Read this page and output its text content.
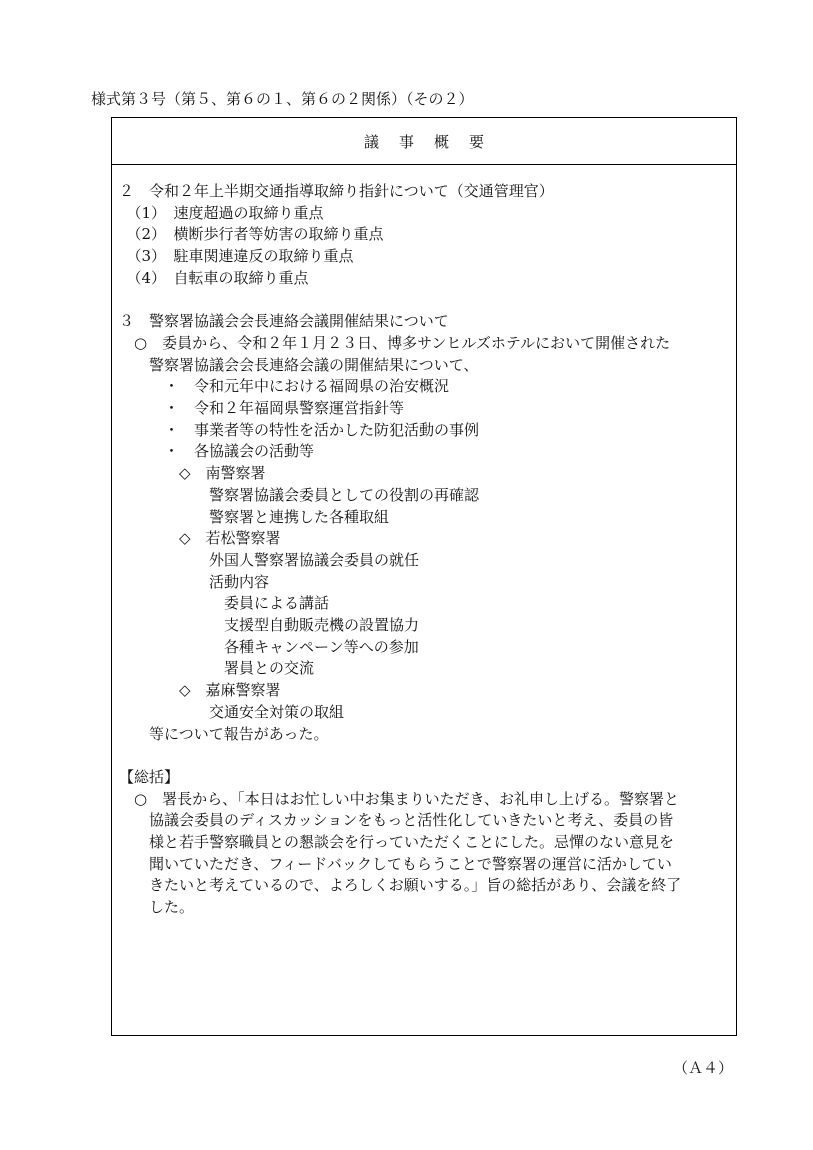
様式第３号（第５、第６の１、第６の２関係）（その２）
議事概要
２　令和２年上半期交通指導取締り指針について（交通管理官）
（1）　速度超過の取締り重点
（2）　横断歩行者等妨害の取締り重点
（3）　駐車関連違反の取締り重点
（4）　自転車の取締り重点
３　警察署協議会会長連絡会議開催結果について
○　委員から、令和２年１月２３日、博多サンヒルズホテルにおいて開催された
警察署協議会会長連絡会議の開催結果について、
・　令和元年中における福岡県の治安概況
・　令和２年福岡県警察運営指針等
・　事業者等の特性を活かした防犯活動の事例
・　各協議会の活動等
◇　南警察署
警察署協議会委員としての役割の再確認
警察署と連携した各種取組
◇　若松警察署
外国人警察署協議会委員の就任
活動内容
委員による講話
支援型自動販売機の設置協力
各種キャンペーン等への参加
署員との交流
◇　嘉麻警察署
交通安全対策の取組
等について報告があった。
【総括】
○　署長から、「本日はお忙しい中お集まりいただき、お礼申し上げる。警察署と
協議会委員のディスカッションをもっと活性化していきたいと考え、委員の皆
様と若手警察職員との懇談会を行っていただくことにした。忌憚のない意見を
聞いていただき、フィードバックしてもらうことで警察署の運営に活かしてい
きたいと考えているので、よろしくお願いする。」旨の総括があり、会議を終了
した。
（Ａ４）
